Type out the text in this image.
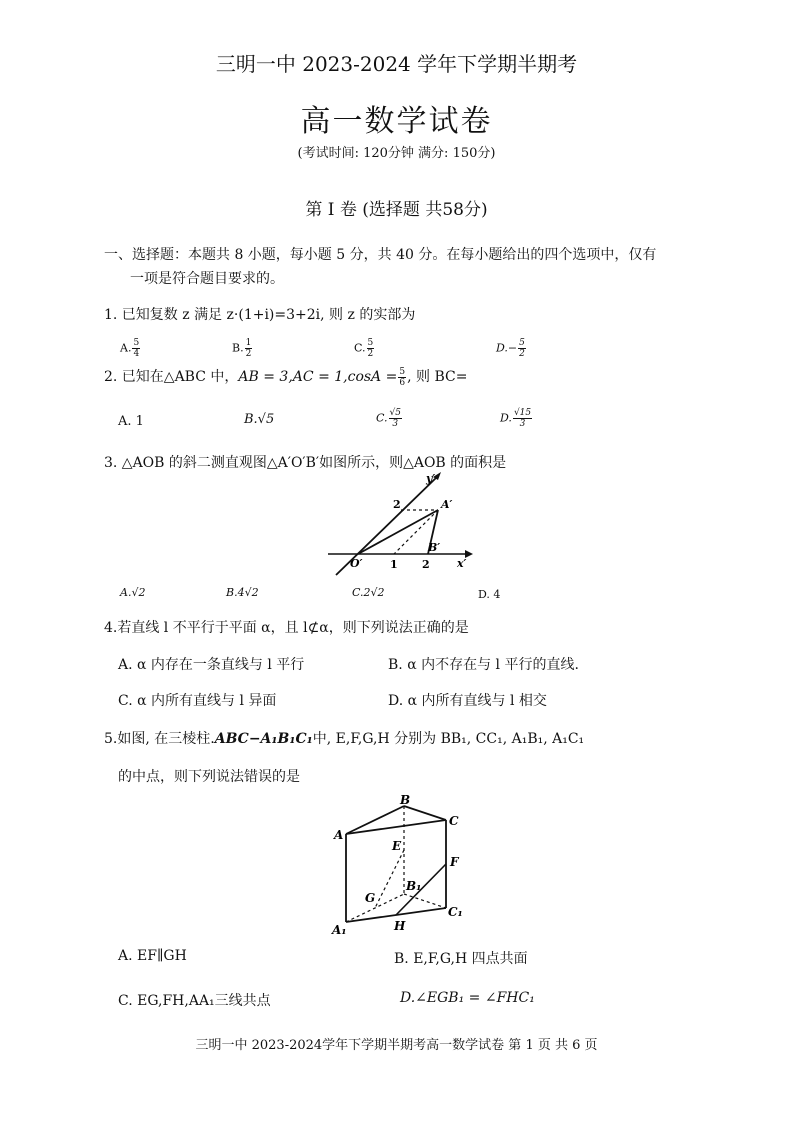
三明一中 2023-2024 学年下学期半期考
高一数学试卷
(考试时间: 120分钟 满分: 150分)
第 I 卷 (选择题 共58分)
一、选择题：本题共 8 小题，每小题 5 分，共 40 分。在每小题给出的四个选项中，仅有
一项是符合题目要求的。
1. 已知复数 z 满足 z·(1+i)=3+2i, 则 z 的实部为
A. $\frac{5}{4}$	B. $\frac{1}{2}$	C. $\frac{5}{2}$	$D.- \frac{5}{2}$
2. 已知在△ABC 中，AB = $3,AC = 1,\cos A = \frac{5}{6}$ , 则 BC=
A. 1	B.√5	C. $\frac{√5}{3}$	D. $\frac{√15}{3}$
3. △AOB 的斜二测直观图△A′O′B′如图所示，则△AOB 的面积是
y′
x′
O′
A′
B′
1 2
2
A.√2	B.4√2	C.2√2	D. 4
4.若直线 l 不平行于平面 α，且 l⊄α，则下列说法正确的是
A. α 内存在一条直线与 l 平行	B. α 内不存在与 l 平行的直线.
C. α 内所有直线与 l 异面	D. α 内所有直线与 l 相交
5.如图, 在三棱柱.ABC−A₁B₁C₁中, E,F,G,H 分别为 BB₁, CC₁, A₁B₁, A₁C₁
的中点，则下列说法错误的是
B
A
C
E
F
G
H
A₁
B₁
C₁
A. EF∥GH	B. E,F,G,H 四点共面
C. EG,FH,AA₁三线共点	D.∠EGB₁ = ∠FHC₁
三明一中 2023-2024学年下学期半期考高一数学试卷 第 1 页 共 6 页
